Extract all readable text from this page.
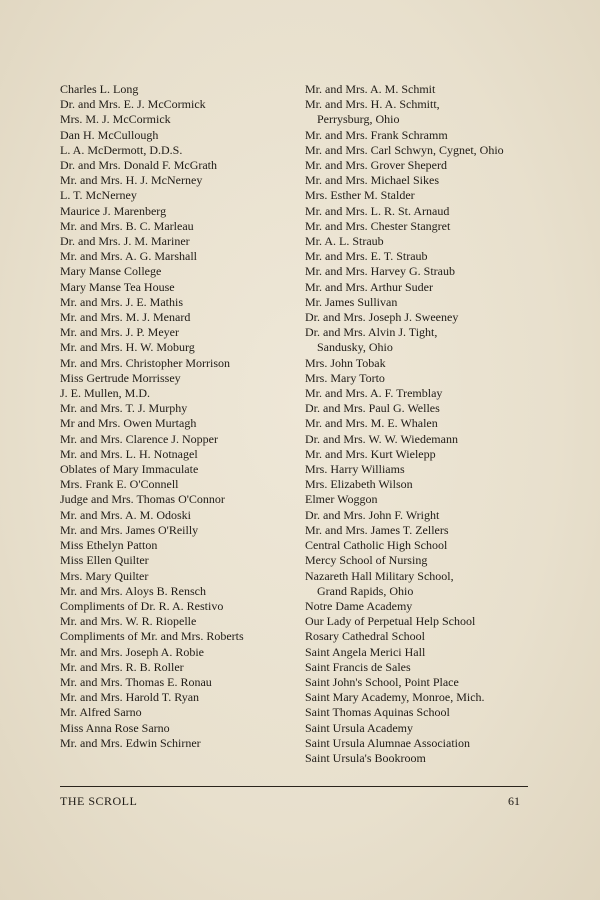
Charles L. Long
Dr. and Mrs. E. J. McCormick
Mrs. M. J. McCormick
Dan H. McCullough
L. A. McDermott, D.D.S.
Dr. and Mrs. Donald F. McGrath
Mr. and Mrs. H. J. McNerney
L. T. McNerney
Maurice J. Marenberg
Mr. and Mrs. B. C. Marleau
Dr. and Mrs. J. M. Mariner
Mr. and Mrs. A. G. Marshall
Mary Manse College
Mary Manse Tea House
Mr. and Mrs. J. E. Mathis
Mr. and Mrs. M. J. Menard
Mr. and Mrs. J. P. Meyer
Mr. and Mrs. H. W. Moburg
Mr. and Mrs. Christopher Morrison
Miss Gertrude Morrissey
J. E. Mullen, M.D.
Mr. and Mrs. T. J. Murphy
Mr and Mrs. Owen Murtagh
Mr. and Mrs. Clarence J. Nopper
Mr. and Mrs. L. H. Notnagel
Oblates of Mary Immaculate
Mrs. Frank E. O'Connell
Judge and Mrs. Thomas O'Connor
Mr. and Mrs. A. M. Odoski
Mr. and Mrs. James O'Reilly
Miss Ethelyn Patton
Miss Ellen Quilter
Mrs. Mary Quilter
Mr. and Mrs. Aloys B. Rensch
Compliments of Dr. R. A. Restivo
Mr. and Mrs. W. R. Riopelle
Compliments of Mr. and Mrs. Roberts
Mr. and Mrs. Joseph A. Robie
Mr. and Mrs. R. B. Roller
Mr. and Mrs. Thomas E. Ronau
Mr. and Mrs. Harold T. Ryan
Mr. Alfred Sarno
Miss Anna Rose Sarno
Mr. and Mrs. Edwin Schirner
Mr. and Mrs. A. M. Schmit
Mr. and Mrs. H. A. Schmitt,
Perrysburg, Ohio
Mr. and Mrs. Frank Schramm
Mr. and Mrs. Carl Schwyn, Cygnet, Ohio
Mr. and Mrs. Grover Sheperd
Mr. and Mrs. Michael Sikes
Mrs. Esther M. Stalder
Mr. and Mrs. L. R. St. Arnaud
Mr. and Mrs. Chester Stangret
Mr. A. L. Straub
Mr. and Mrs. E. T. Straub
Mr. and Mrs. Harvey G. Straub
Mr. and Mrs. Arthur Suder
Mr. James Sullivan
Dr. and Mrs. Joseph J. Sweeney
Dr. and Mrs. Alvin J. Tight,
Sandusky, Ohio
Mrs. John Tobak
Mrs. Mary Torto
Mr. and Mrs. A. F. Tremblay
Dr. and Mrs. Paul G. Welles
Mr. and Mrs. M. E. Whalen
Dr. and Mrs. W. W. Wiedemann
Mr. and Mrs. Kurt Wielepp
Mrs. Harry Williams
Mrs. Elizabeth Wilson
Elmer Woggon
Dr. and Mrs. John F. Wright
Mr. and Mrs. James T. Zellers
Central Catholic High School
Mercy School of Nursing
Nazareth Hall Military School,
Grand Rapids, Ohio
Notre Dame Academy
Our Lady of Perpetual Help School
Rosary Cathedral School
Saint Angela Merici Hall
Saint Francis de Sales
Saint John's School, Point Place
Saint Mary Academy, Monroe, Mich.
Saint Thomas Aquinas School
Saint Ursula Academy
Saint Ursula Alumnae Association
Saint Ursula's Bookroom
THE SCROLL	61
